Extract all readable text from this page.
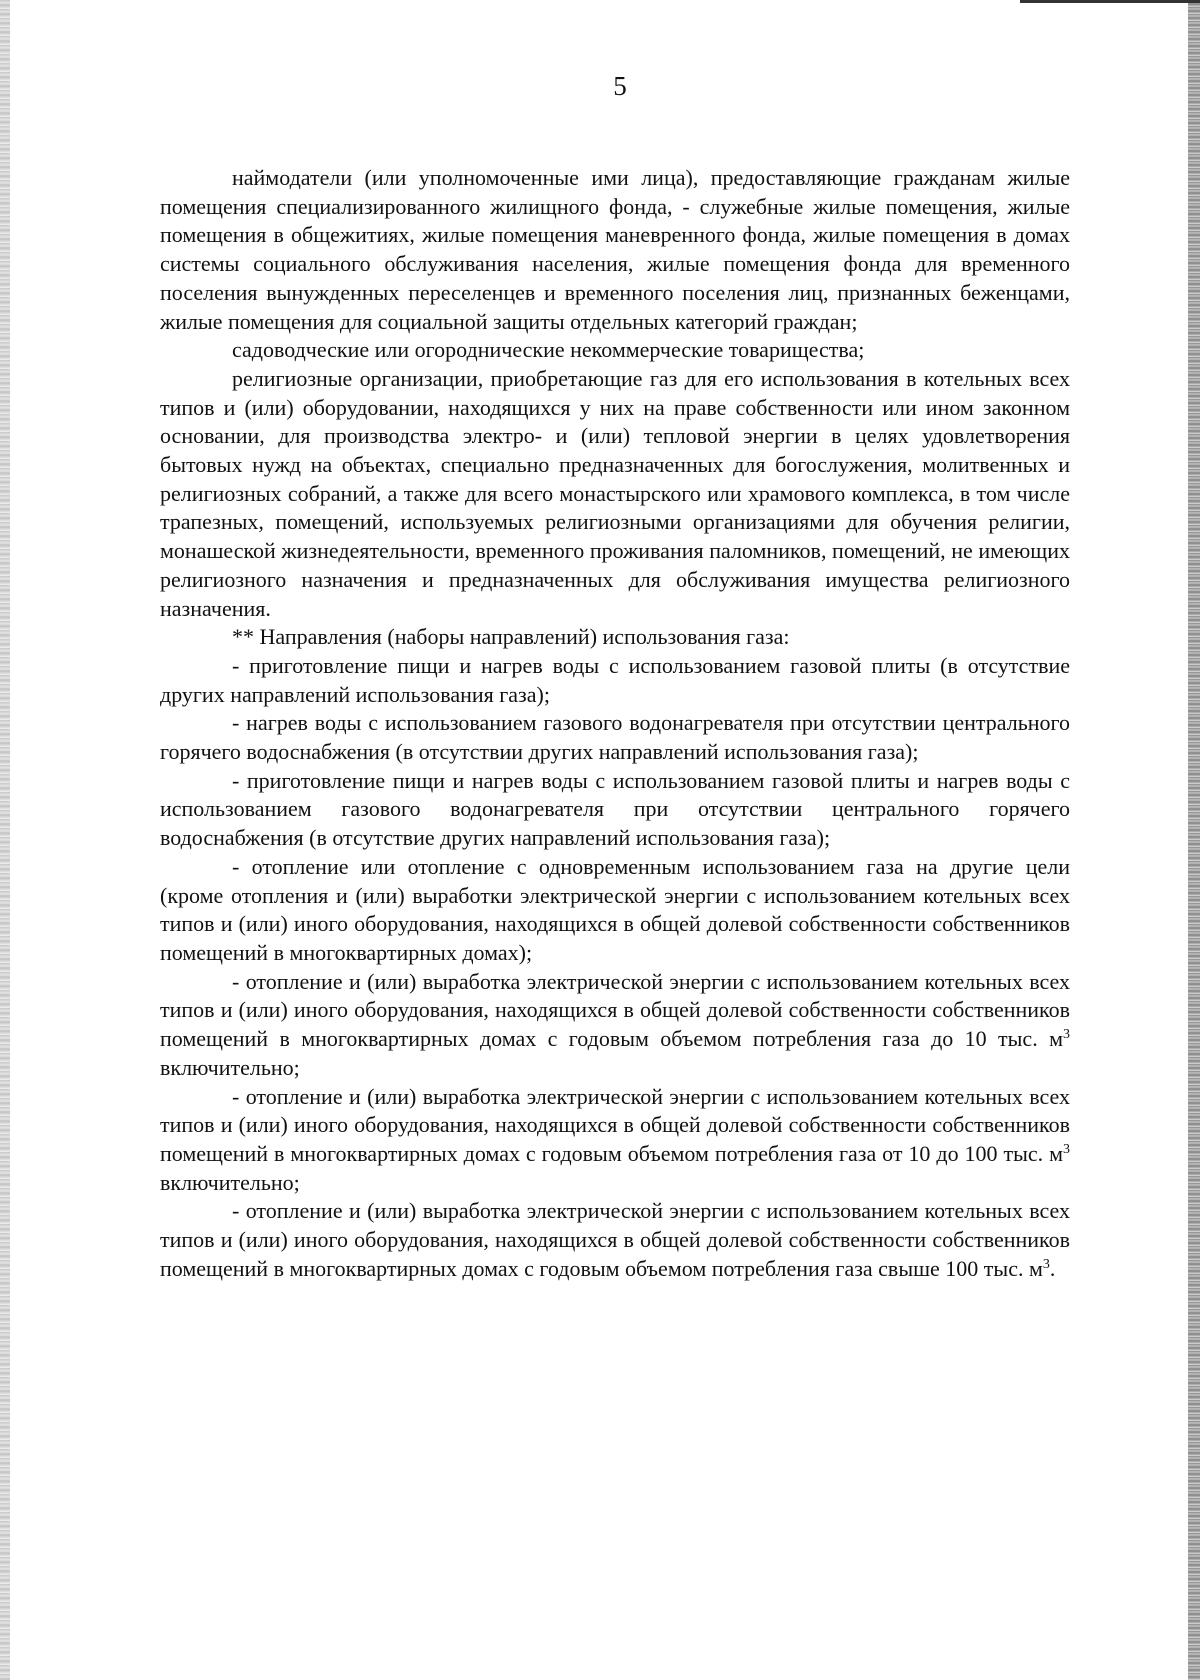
5

наймодатели (или уполномоченные ими лица), предоставляющие гражданам жилые помещения специализированного жилищного фонда, - служебные жилые помещения, жилые помещения в общежитиях, жилые помещения маневренного фонда, жилые помещения в домах системы социального обслуживания населения, жилые помещения фонда для временного поселения вынужденных переселенцев и временного поселения лиц, признанных беженцами, жилые помещения для социальной защиты отдельных категорий граждан;

садоводческие или огороднические некоммерческие товарищества;

религиозные организации, приобретающие газ для его использования в котельных всех типов и (или) оборудовании, находящихся у них на праве собственности или ином законном основании, для производства электро- и (или) тепловой энергии в целях удовлетворения бытовых нужд на объектах, специально предназначенных для богослужения, молитвенных и религиозных собраний, а также для всего монастырского или храмового комплекса, в том числе трапезных, помещений, используемых религиозными организациями для обучения религии, монашеской жизнедеятельности, временного проживания паломников, помещений, не имеющих религиозного назначения и предназначенных для обслуживания имущества религиозного назначения.

** Направления (наборы направлений) использования газа:

- приготовление пищи и нагрев воды с использованием газовой плиты (в отсутствие других направлений использования газа);

- нагрев воды с использованием газового водонагревателя при отсутствии центрального горячего водоснабжения (в отсутствии других направлений использования газа);

- приготовление пищи и нагрев воды с использованием газовой плиты и нагрев воды с использованием газового водонагревателя при отсутствии центрального горячего водоснабжения (в отсутствие других направлений использования газа);

- отопление или отопление с одновременным использованием газа на другие цели (кроме отопления и (или) выработки электрической энергии с использованием котельных всех типов и (или) иного оборудования, находящихся в общей долевой собственности собственников помещений в многоквартирных домах);

- отопление и (или) выработка электрической энергии с использованием котельных всех типов и (или) иного оборудования, находящихся в общей долевой собственности собственников помещений в многоквартирных домах с годовым объемом потребления газа до 10 тыс. $м^3$ включительно;

- отопление и (или) выработка электрической энергии с использованием котельных всех типов и (или) иного оборудования, находящихся в общей долевой собственности собственников помещений в многоквартирных домах с годовым объемом потребления газа от 10 до 100 тыс. $м^3$ включительно;

- отопление и (или) выработка электрической энергии с использованием котельных всех типов и (или) иного оборудования, находящихся в общей долевой собственности собственников помещений в многоквартирных домах с годовым объемом потребления газа свыше 100 тыс. $м^3$.
